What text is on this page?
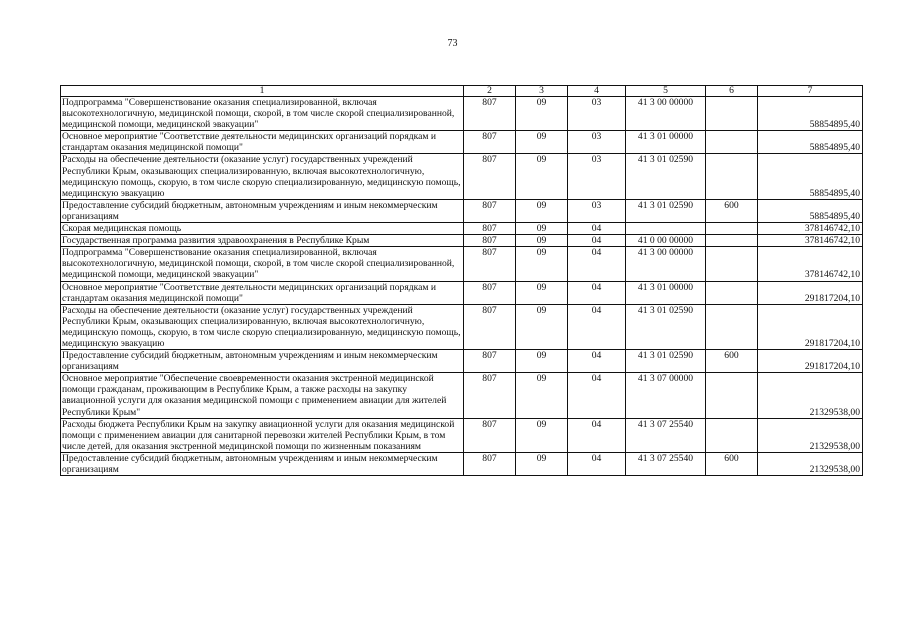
73
1	2	3	4	5	6	7
Подпрограмма "Совершенствование оказания специализированной, включая высокотехнологичную, медицинской помощи, скорой, в том числе скорой специализированной, медицинской помощи, медицинской эвакуации"	807	09	03	41 3 00 00000		58854895,40
Основное мероприятие "Соответствие деятельности медицинских организаций порядкам и стандартам оказания медицинской помощи"	807	09	03	41 3 01 00000		58854895,40
Расходы на обеспечение деятельности (оказание услуг) государственных учреждений Республики Крым, оказывающих специализированную, включая высокотехнологичную, медицинскую помощь, скорую, в том числе скорую специализированную, медицинскую помощь, медицинскую эвакуацию	807	09	03	41 3 01 02590		58854895,40
Предоставление субсидий бюджетным, автономным учреждениям и иным некоммерческим организациям	807	09	03	41 3 01 02590	600	58854895,40
Скорая медицинская помощь	807	09	04			378146742,10
Государственная программа развития здравоохранения в Республике Крым	807	09	04	41 0 00 00000		378146742,10
Подпрограмма "Совершенствование оказания специализированной, включая высокотехнологичную, медицинской помощи, скорой, в том числе скорой специализированной, медицинской помощи, медицинской эвакуации"	807	09	04	41 3 00 00000		378146742,10
Основное мероприятие "Соответствие деятельности медицинских организаций порядкам и стандартам оказания медицинской помощи"	807	09	04	41 3 01 00000		291817204,10
Расходы на обеспечение деятельности (оказание услуг) государственных учреждений Республики Крым, оказывающих специализированную, включая высокотехнологичную, медицинскую помощь, скорую, в том числе скорую специализированную, медицинскую помощь, медицинскую эвакуацию	807	09	04	41 3 01 02590		291817204,10
Предоставление субсидий бюджетным, автономным учреждениям и иным некоммерческим организациям	807	09	04	41 3 01 02590	600	291817204,10
Основное мероприятие "Обеспечение своевременности оказания экстренной медицинской помощи гражданам, проживающим в Республике Крым, а также расходы на закупку авиационной услуги для оказания медицинской помощи с применением авиации для жителей Республики Крым"	807	09	04	41 3 07 00000		21329538,00
Расходы бюджета Республики Крым на закупку авиационной услуги для оказания медицинской помощи с применением авиации для санитарной перевозки жителей Республики Крым, в том числе детей, для оказания экстренной медицинской помощи по жизненным показаниям	807	09	04	41 3 07 25540		21329538,00
Предоставление субсидий бюджетным, автономным учреждениям и иным некоммерческим организациям	807	09	04	41 3 07 25540	600	21329538,00
